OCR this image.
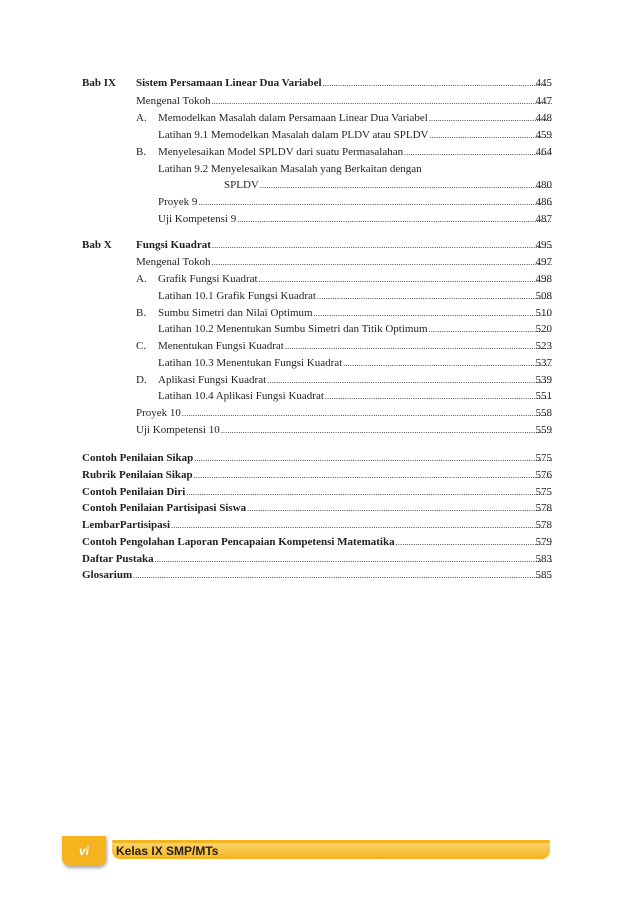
Bab IX Sistem Persamaan Linear Dua Variabel .....	445
Mengenal Tokoh .....	447
A. Memodelkan Masalah dalam Persamaan Linear Dua Variabel .....	448
Latihan 9.1 Memodelkan Masalah dalam PLDV atau SPLDV .....	459
B. Menyelesaikan Model SPLDV dari suatu Permasalahan .....	464
Latihan 9.2 Menyelesaikan Masalah yang Berkaitan dengan
SPLDV .....	480
Proyek 9 .....	486
Uji Kompetensi 9 .....	487
Bab X Fungsi Kuadrat .....	495
Mengenal Tokoh .....	497
A. Grafik Fungsi Kuadrat .....	498
Latihan 10.1 Grafik Fungsi Kuadrat .....	508
B. Sumbu Simetri dan Nilai Optimum .....	510
Latihan 10.2 Menentukan Sumbu Simetri dan Titik Optimum .....	520
C. Menentukan Fungsi Kuadrat .....	523
Latihan 10.3 Menentukan Fungsi Kuadrat .....	537
D. Aplikasi Fungsi Kuadrat .....	539
Latihan 10.4 Aplikasi Fungsi Kuadrat .....	551
Proyek 10 .....	558
Uji Kompetensi 10 .....	559
Contoh Penilaian Sikap .....	575
Rubrik Penilaian Sikap .....	576
Contoh Penilaian Diri .....	575
Contoh Penilaian Partisipasi Siswa .....	578
LembarPartisipasi .....	578
Contoh Pengolahan Laporan Pencapaian Kompetensi Matematika .....	579
Daftar Pustaka .....	583
Glosarium .....	585
vi Kelas IX SMP/MTs
